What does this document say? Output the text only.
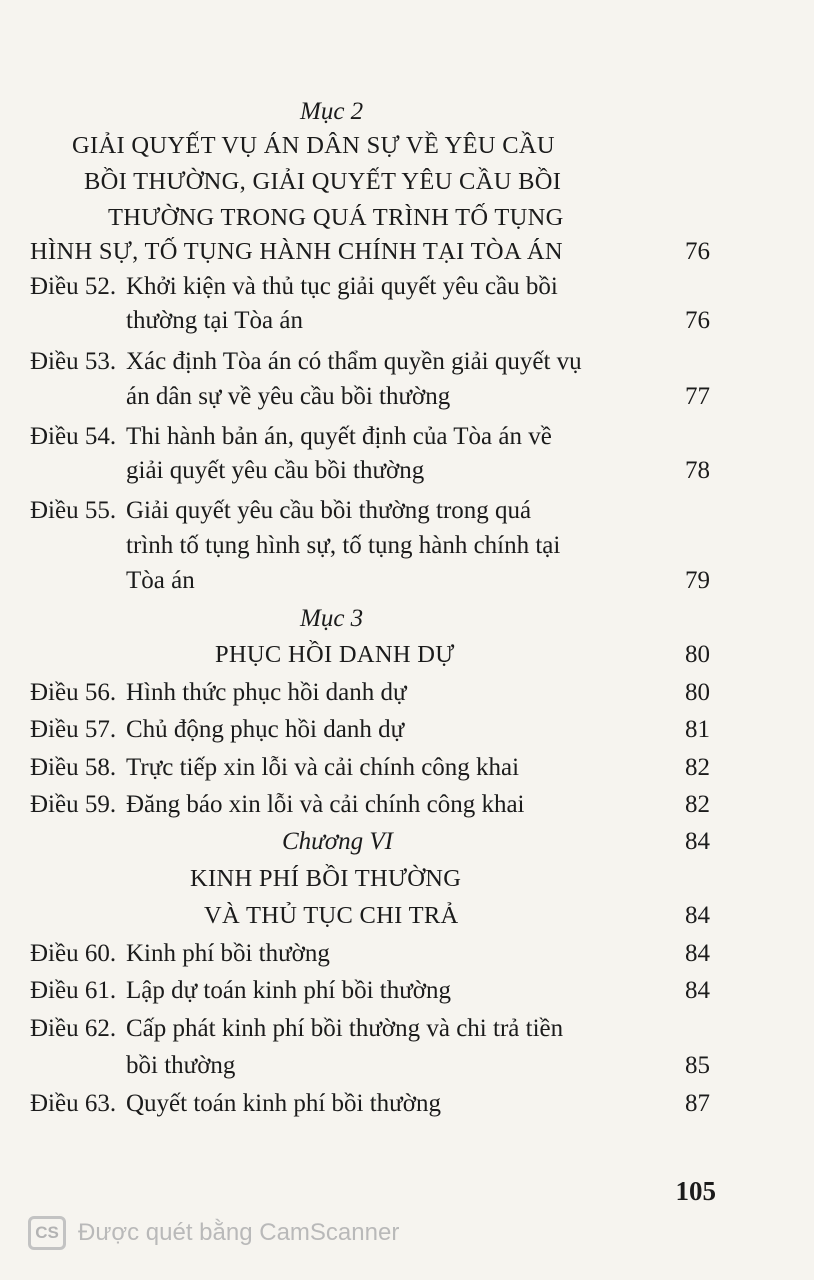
Mục 2
GIẢI QUYẾT VỤ ÁN DÂN SỰ VỀ YÊU CẦU
BỒI THƯỜNG, GIẢI QUYẾT YÊU CẦU BỒI
THƯỜNG TRONG QUÁ TRÌNH TỐ TỤNG
HÌNH SỰ, TỐ TỤNG HÀNH CHÍNH TẠI TÒA ÁN	76
Điều 52. Khởi kiện và thủ tục giải quyết yêu cầu bồi
thường tại Tòa án	76
Điều 53. Xác định Tòa án có thẩm quyền giải quyết vụ
án dân sự về yêu cầu bồi thường	77
Điều 54. Thi hành bản án, quyết định của Tòa án về
giải quyết yêu cầu bồi thường	78
Điều 55. Giải quyết yêu cầu bồi thường trong quá
trình tố tụng hình sự, tố tụng hành chính tại
Tòa án	79
Mục 3
PHỤC HỒI DANH DỰ	80
Điều 56. Hình thức phục hồi danh dự	80
Điều 57. Chủ động phục hồi danh dự	81
Điều 58. Trực tiếp xin lỗi và cải chính công khai	82
Điều 59. Đăng báo xin lỗi và cải chính công khai	82
Chương VI	84
KINH PHÍ BỒI THƯỜNG
VÀ THỦ TỤC CHI TRẢ	84
Điều 60. Kinh phí bồi thường	84
Điều 61. Lập dự toán kinh phí bồi thường	84
Điều 62. Cấp phát kinh phí bồi thường và chi trả tiền
bồi thường	85
Điều 63. Quyết toán kinh phí bồi thường	87
105
CS Được quét bằng CamScanner
